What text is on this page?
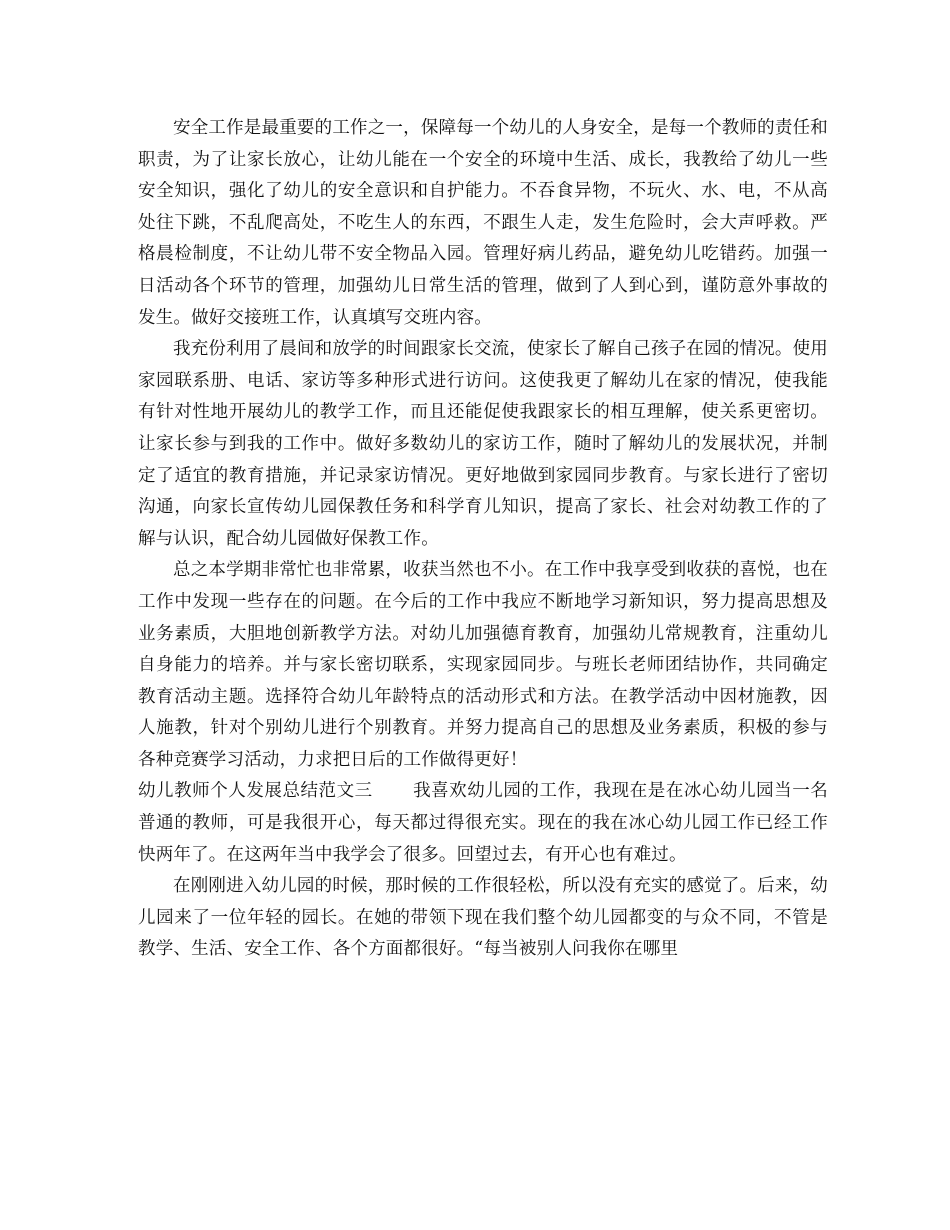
安全工作是最重要的工作之一，保障每一个幼儿的人身安全，是每一个教师的责任和职责，为了让家长放心，让幼儿能在一个安全的环境中生活、成长，我教给了幼儿一些安全知识，强化了幼儿的安全意识和自护能力。不吞食异物，不玩火、水、电，不从高处往下跳，不乱爬高处，不吃生人的东西，不跟生人走，发生危险时，会大声呼救。严格晨检制度，不让幼儿带不安全物品入园。管理好病儿药品，避免幼儿吃错药。加强一日活动各个环节的管理，加强幼儿日常生活的管理，做到了人到心到，谨防意外事故的发生。做好交接班工作，认真填写交班内容。

我充份利用了晨间和放学的时间跟家长交流，使家长了解自己孩子在园的情况。使用家园联系册、电话、家访等多种形式进行访问。这使我更了解幼儿在家的情况，使我能有针对性地开展幼儿的教学工作，而且还能促使我跟家长的相互理解，使关系更密切。让家长参与到我的工作中。做好多数幼儿的家访工作，随时了解幼儿的发展状况，并制定了适宜的教育措施，并记录家访情况。更好地做到家园同步教育。与家长进行了密切沟通，向家长宣传幼儿园保教任务和科学育儿知识，提高了家长、社会对幼教工作的了解与认识，配合幼儿园做好保教工作。

总之本学期非常忙也非常累，收获当然也不小。在工作中我享受到收获的喜悦，也在工作中发现一些存在的问题。在今后的工作中我应不断地学习新知识，努力提高思想及业务素质，大胆地创新教学方法。对幼儿加强德育教育，加强幼儿常规教育，注重幼儿自身能力的培养。并与家长密切联系，实现家园同步。与班长老师团结协作，共同确定教育活动主题。选择符合幼儿年龄特点的活动形式和方法。在教学活动中因材施教，因人施教，针对个别幼儿进行个别教育。并努力提高自己的思想及业务素质，积极的参与各种竞赛学习活动，力求把日后的工作做得更好！

幼儿教师个人发展总结范文三 我喜欢幼儿园的工作，我现在是在冰心幼儿园当一名普通的教师，可是我很开心，每天都过得很充实。现在的我在冰心幼儿园工作已经工作快两年了。在这两年当中我学会了很多。回望过去，有开心也有难过。

在刚刚进入幼儿园的时候，那时候的工作很轻松，所以没有充实的感觉了。后来，幼儿园来了一位年轻的园长。在她的带领下现在我们整个幼儿园都变的与众不同，不管是教学、生活、安全工作、各个方面都很好。“每当被别人问我你在哪里
